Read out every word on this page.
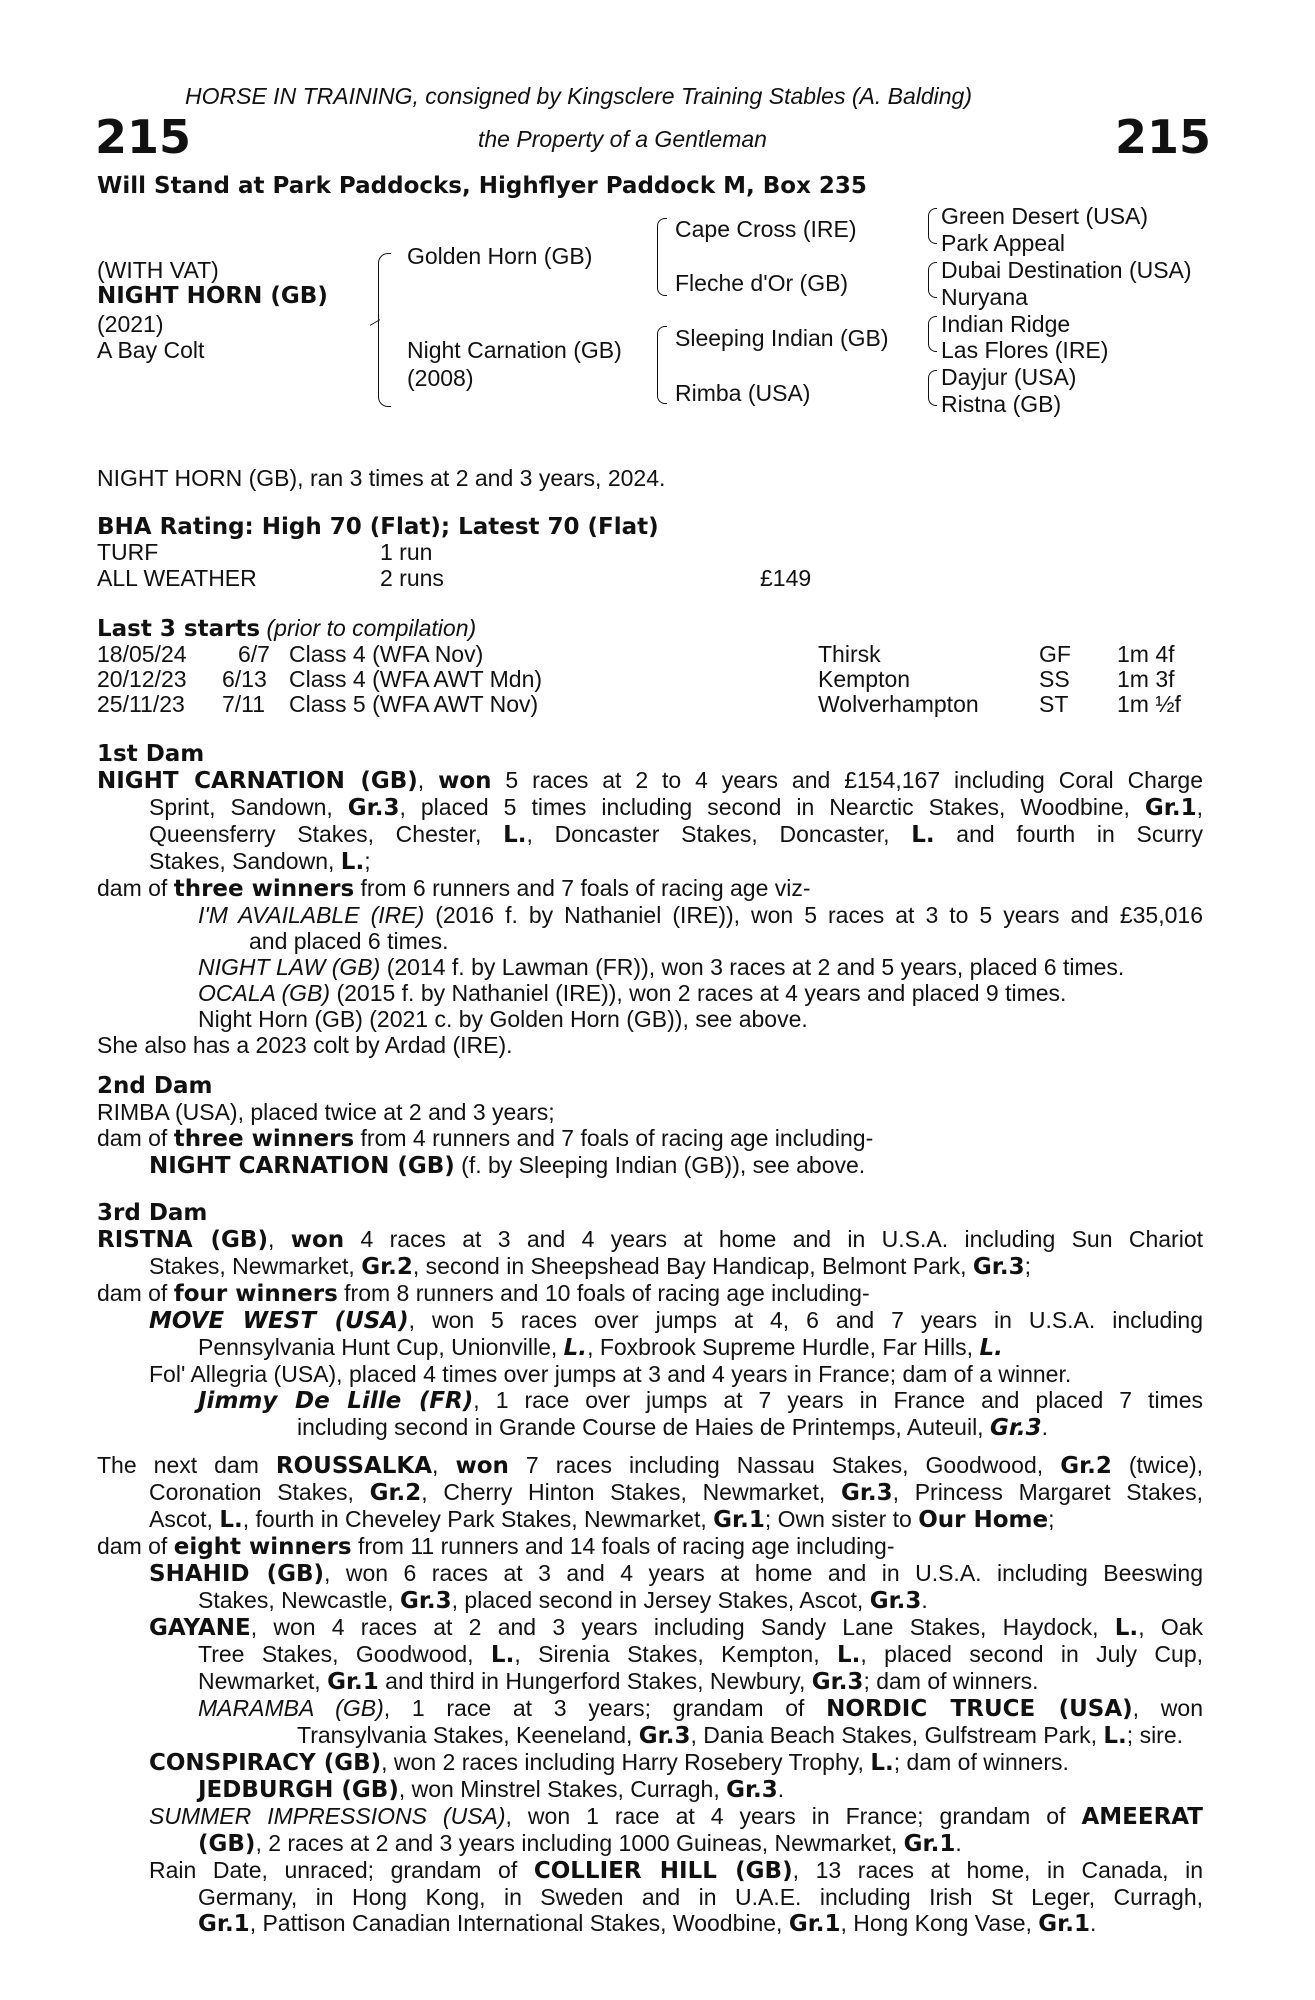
HORSE IN TRAINING, consigned by Kingsclere Training Stables (A. Balding)
215	the Property of a Gentleman	215
Will Stand at Park Paddocks, Highflyer Paddock M, Box 235
(WITH VAT)
NIGHT HORN (GB)
(2021)
A Bay Colt
Golden Horn (GB)
Night Carnation (GB)
(2008)
Cape Cross (IRE)
Fleche d'Or (GB)
Sleeping Indian (GB)
Rimba (USA)
Green Desert (USA)
Park Appeal
Dubai Destination (USA)
Nuryana
Indian Ridge
Las Flores (IRE)
Dayjur (USA)
Ristna (GB)
NIGHT HORN (GB), ran 3 times at 2 and 3 years, 2024.
BHA Rating: High 70 (Flat); Latest 70 (Flat)
TURF	1 run
ALL WEATHER	2 runs	£149
Last 3 starts (prior to compilation)
18/05/24 6/7 Class 4 (WFA Nov)	Thirsk	GF 1m 4f
20/12/23 6/13 Class 4 (WFA AWT Mdn)	Kempton	SS 1m 3f
25/11/23 7/11 Class 5 (WFA AWT Nov)	Wolverhampton	ST 1m ½f
1st Dam
NIGHT CARNATION (GB), won 5 races at 2 to 4 years and £154,167 including Coral Charge
Sprint, Sandown, Gr.3, placed 5 times including second in Nearctic Stakes, Woodbine, Gr.1,
Queensferry Stakes, Chester, L., Doncaster Stakes, Doncaster, L. and fourth in Scurry
Stakes, Sandown, L.;
dam of three winners from 6 runners and 7 foals of racing age viz-
I'M AVAILABLE (IRE) (2016 f. by Nathaniel (IRE)), won 5 races at 3 to 5 years and £35,016
and placed 6 times.
NIGHT LAW (GB) (2014 f. by Lawman (FR)), won 3 races at 2 and 5 years, placed 6 times.
OCALA (GB) (2015 f. by Nathaniel (IRE)), won 2 races at 4 years and placed 9 times.
Night Horn (GB) (2021 c. by Golden Horn (GB)), see above.
She also has a 2023 colt by Ardad (IRE).
2nd Dam
RIMBA (USA), placed twice at 2 and 3 years;
dam of three winners from 4 runners and 7 foals of racing age including-
NIGHT CARNATION (GB) (f. by Sleeping Indian (GB)), see above.
3rd Dam
RISTNA (GB), won 4 races at 3 and 4 years at home and in U.S.A. including Sun Chariot
Stakes, Newmarket, Gr.2, second in Sheepshead Bay Handicap, Belmont Park, Gr.3;
dam of four winners from 8 runners and 10 foals of racing age including-
MOVE WEST (USA), won 5 races over jumps at 4, 6 and 7 years in U.S.A. including
Pennsylvania Hunt Cup, Unionville, L., Foxbrook Supreme Hurdle, Far Hills, L.
Fol' Allegria (USA), placed 4 times over jumps at 3 and 4 years in France; dam of a winner.
Jimmy De Lille (FR), 1 race over jumps at 7 years in France and placed 7 times
including second in Grande Course de Haies de Printemps, Auteuil, Gr.3.
The next dam ROUSSALKA, won 7 races including Nassau Stakes, Goodwood, Gr.2 (twice),
Coronation Stakes, Gr.2, Cherry Hinton Stakes, Newmarket, Gr.3, Princess Margaret Stakes,
Ascot, L., fourth in Cheveley Park Stakes, Newmarket, Gr.1; Own sister to Our Home;
dam of eight winners from 11 runners and 14 foals of racing age including-
SHAHID (GB), won 6 races at 3 and 4 years at home and in U.S.A. including Beeswing
Stakes, Newcastle, Gr.3, placed second in Jersey Stakes, Ascot, Gr.3.
GAYANE, won 4 races at 2 and 3 years including Sandy Lane Stakes, Haydock, L., Oak
Tree Stakes, Goodwood, L., Sirenia Stakes, Kempton, L., placed second in July Cup,
Newmarket, Gr.1 and third in Hungerford Stakes, Newbury, Gr.3; dam of winners.
MARAMBA (GB), 1 race at 3 years; grandam of NORDIC TRUCE (USA), won
Transylvania Stakes, Keeneland, Gr.3, Dania Beach Stakes, Gulfstream Park, L.; sire.
CONSPIRACY (GB), won 2 races including Harry Rosebery Trophy, L.; dam of winners.
JEDBURGH (GB), won Minstrel Stakes, Curragh, Gr.3.
SUMMER IMPRESSIONS (USA), won 1 race at 4 years in France; grandam of AMEERAT
(GB), 2 races at 2 and 3 years including 1000 Guineas, Newmarket, Gr.1.
Rain Date, unraced; grandam of COLLIER HILL (GB), 13 races at home, in Canada, in
Germany, in Hong Kong, in Sweden and in U.A.E. including Irish St Leger, Curragh,
Gr.1, Pattison Canadian International Stakes, Woodbine, Gr.1, Hong Kong Vase, Gr.1.
